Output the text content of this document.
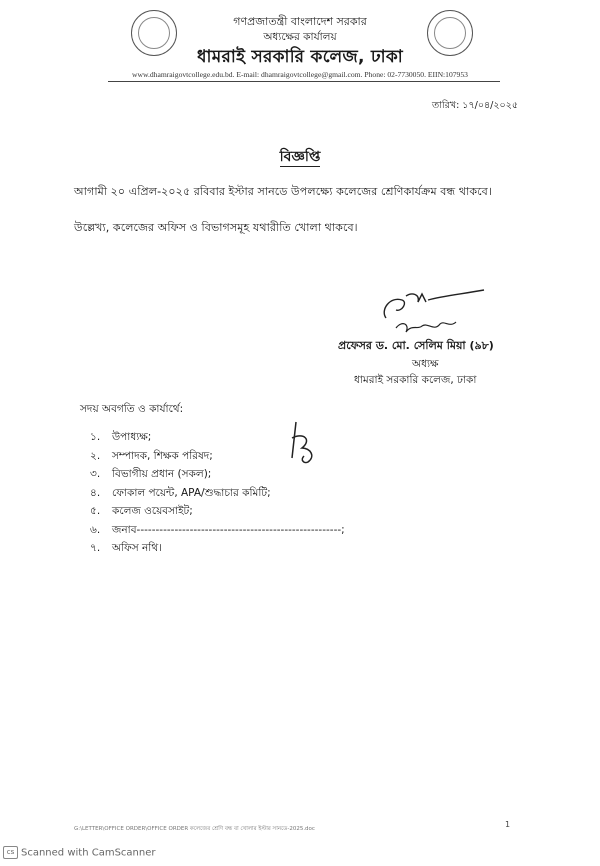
গণপ্রজাতন্ত্রী বাংলাদেশ সরকার
অধ্যক্ষের কার্যালয়
ধামরাই সরকারি কলেজ, ঢাকা
www.dhamraigovtcollege.edu.bd. E-mail: dhamraigovtcollege@gmail.com. Phone: 02-7730050. EIIN:107953
তারিখ: ১৭/০৪/২০২৫
বিজ্ঞপ্তি
আগামী ২০ এপ্রিল-২০২৫ রবিবার ইস্টার সানডে উপলক্ষ্যে কলেজের শ্রেণিকার্যক্রম বন্ধ থাকবে।
উল্লেখ্য, কলেজের অফিস ও বিভাগসমূহ যথারীতি খোলা থাকবে।
প্রফেসর ড. মো. সেলিম মিয়া (৯৮)
অধ্যক্ষ
ধামরাই সরকারি কলেজ, ঢাকা
সদয় অবগতি ও কার্যার্থে:
১. উপাধ্যক্ষ;
২. সম্পাদক, শিক্ষক পরিষদ;
৩. বিভাগীয় প্রধান (সকল);
৪. ফোকাল পয়েন্ট, APA/শুদ্ধাচার কমিটি;
৫. কলেজ ওয়েবসাইট;
৬. জনাব------------------------------------------------------;
৭. অফিস নথি।
G:\LETTER\OFFICE ORDER\OFFICE ORDER কলেজের শ্রেণি বন্ধ বা খোলার ইস্টার সানডে-2025.doc	1
cs Scanned with CamScanner
